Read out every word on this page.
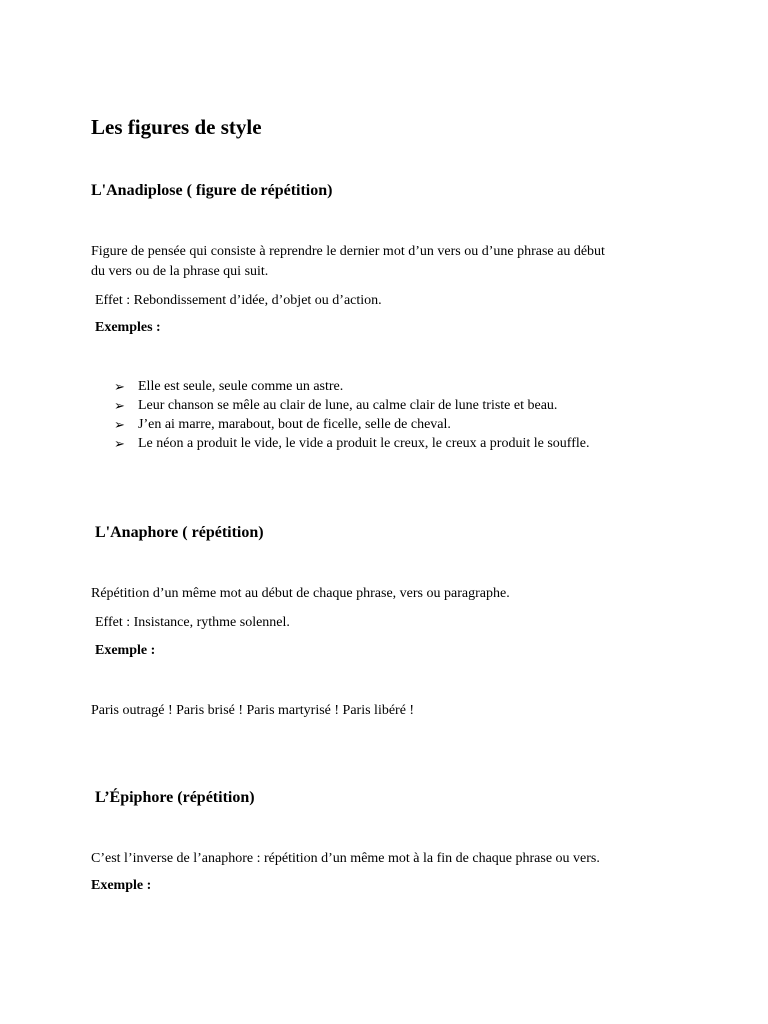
Les figures de style
L'Anadiplose ( figure de répétition)
Figure de pensée qui consiste à reprendre le dernier mot d’un vers ou d’une phrase au début
du vers ou de la phrase qui suit.
Effet : Rebondissement d’idée, d’objet ou d’action.
Exemples :
➢ Elle est seule, seule comme un astre.
➢ Leur chanson se mêle au clair de lune, au calme clair de lune triste et beau.
➢ J’en ai marre, marabout, bout de ficelle, selle de cheval.
➢ Le néon a produit le vide, le vide a produit le creux, le creux a produit le souffle.
L'Anaphore ( répétition)
Répétition d’un même mot au début de chaque phrase, vers ou paragraphe.
Effet : Insistance, rythme solennel.
Exemple :
Paris outragé ! Paris brisé ! Paris martyrisé ! Paris libéré !
L’Épiphore (répétition)
C’est l’inverse de l’anaphore : répétition d’un même mot à la fin de chaque phrase ou vers.
Exemple :
